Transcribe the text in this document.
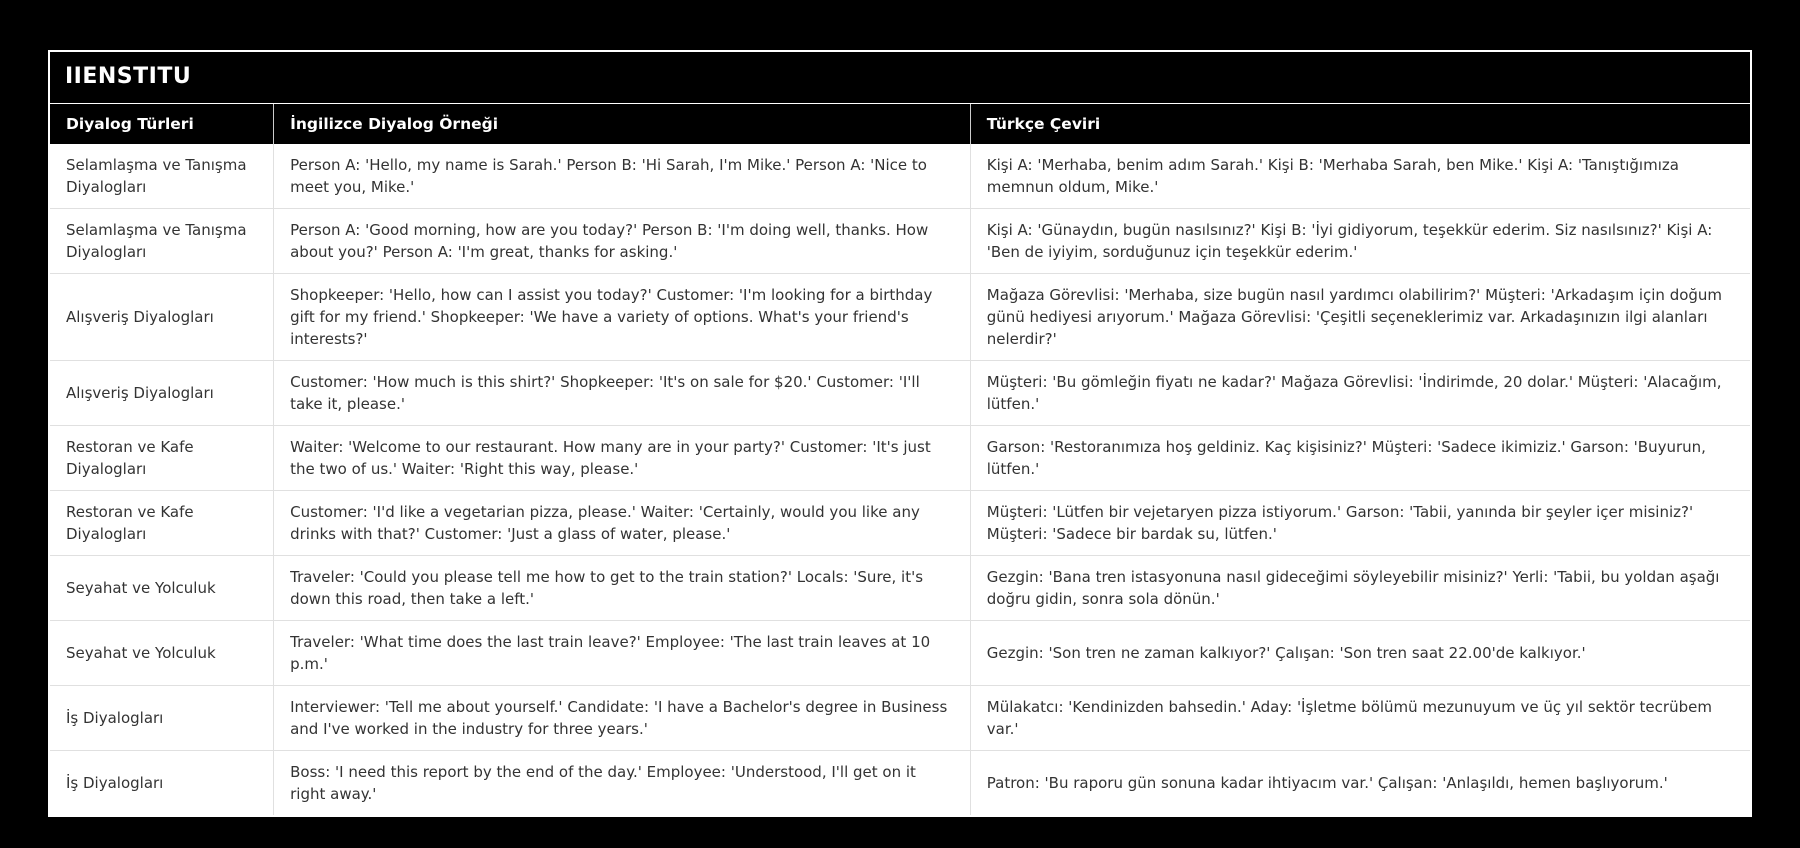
IIENSTITU
Diyalog Türleri	İngilizce Diyalog Örneği	Türkçe Çeviri
Selamlaşma ve Tanışma Diyalogları	Person A: 'Hello, my name is Sarah.' Person B: 'Hi Sarah, I'm Mike.' Person A: 'Nice to meet you, Mike.'	Kişi A: 'Merhaba, benim adım Sarah.' Kişi B: 'Merhaba Sarah, ben Mike.' Kişi A: 'Tanıştığımıza memnun oldum, Mike.'
Selamlaşma ve Tanışma Diyalogları	Person A: 'Good morning, how are you today?' Person B: 'I'm doing well, thanks. How about you?' Person A: 'I'm great, thanks for asking.'	Kişi A: 'Günaydın, bugün nasılsınız?' Kişi B: 'İyi gidiyorum, teşekkür ederim. Siz nasılsınız?' Kişi A: 'Ben de iyiyim, sorduğunuz için teşekkür ederim.'
Alışveriş Diyalogları	Shopkeeper: 'Hello, how can I assist you today?' Customer: 'I'm looking for a birthday gift for my friend.' Shopkeeper: 'We have a variety of options. What's your friend's interests?'	Mağaza Görevlisi: 'Merhaba, size bugün nasıl yardımcı olabilirim?' Müşteri: 'Arkadaşım için doğum günü hediyesi arıyorum.' Mağaza Görevlisi: 'Çeşitli seçeneklerimiz var. Arkadaşınızın ilgi alanları nelerdir?'
Alışveriş Diyalogları	Customer: 'How much is this shirt?' Shopkeeper: 'It's on sale for $20.' Customer: 'I'll take it, please.'	Müşteri: 'Bu gömleğin fiyatı ne kadar?' Mağaza Görevlisi: 'İndirimde, 20 dolar.' Müşteri: 'Alacağım, lütfen.'
Restoran ve Kafe Diyalogları	Waiter: 'Welcome to our restaurant. How many are in your party?' Customer: 'It's just the two of us.' Waiter: 'Right this way, please.'	Garson: 'Restoranımıza hoş geldiniz. Kaç kişisiniz?' Müşteri: 'Sadece ikimiziz.' Garson: 'Buyurun, lütfen.'
Restoran ve Kafe Diyalogları	Customer: 'I'd like a vegetarian pizza, please.' Waiter: 'Certainly, would you like any drinks with that?' Customer: 'Just a glass of water, please.'	Müşteri: 'Lütfen bir vejetaryen pizza istiyorum.' Garson: 'Tabii, yanında bir şeyler içer misiniz?' Müşteri: 'Sadece bir bardak su, lütfen.'
Seyahat ve Yolculuk	Traveler: 'Could you please tell me how to get to the train station?' Locals: 'Sure, it's down this road, then take a left.'	Gezgin: 'Bana tren istasyonuna nasıl gideceğimi söyleyebilir misiniz?' Yerli: 'Tabii, bu yoldan aşağı doğru gidin, sonra sola dönün.'
Seyahat ve Yolculuk	Traveler: 'What time does the last train leave?' Employee: 'The last train leaves at 10 p.m.'	Gezgin: 'Son tren ne zaman kalkıyor?' Çalışan: 'Son tren saat 22.00'de kalkıyor.'
İş Diyalogları	Interviewer: 'Tell me about yourself.' Candidate: 'I have a Bachelor's degree in Business and I've worked in the industry for three years.'	Mülakatcı: 'Kendinizden bahsedin.' Aday: 'İşletme bölümü mezunuyum ve üç yıl sektör tecrübem var.'
İş Diyalogları	Boss: 'I need this report by the end of the day.' Employee: 'Understood, I'll get on it right away.'	Patron: 'Bu raporu gün sonuna kadar ihtiyacım var.' Çalışan: 'Anlaşıldı, hemen başlıyorum.'
